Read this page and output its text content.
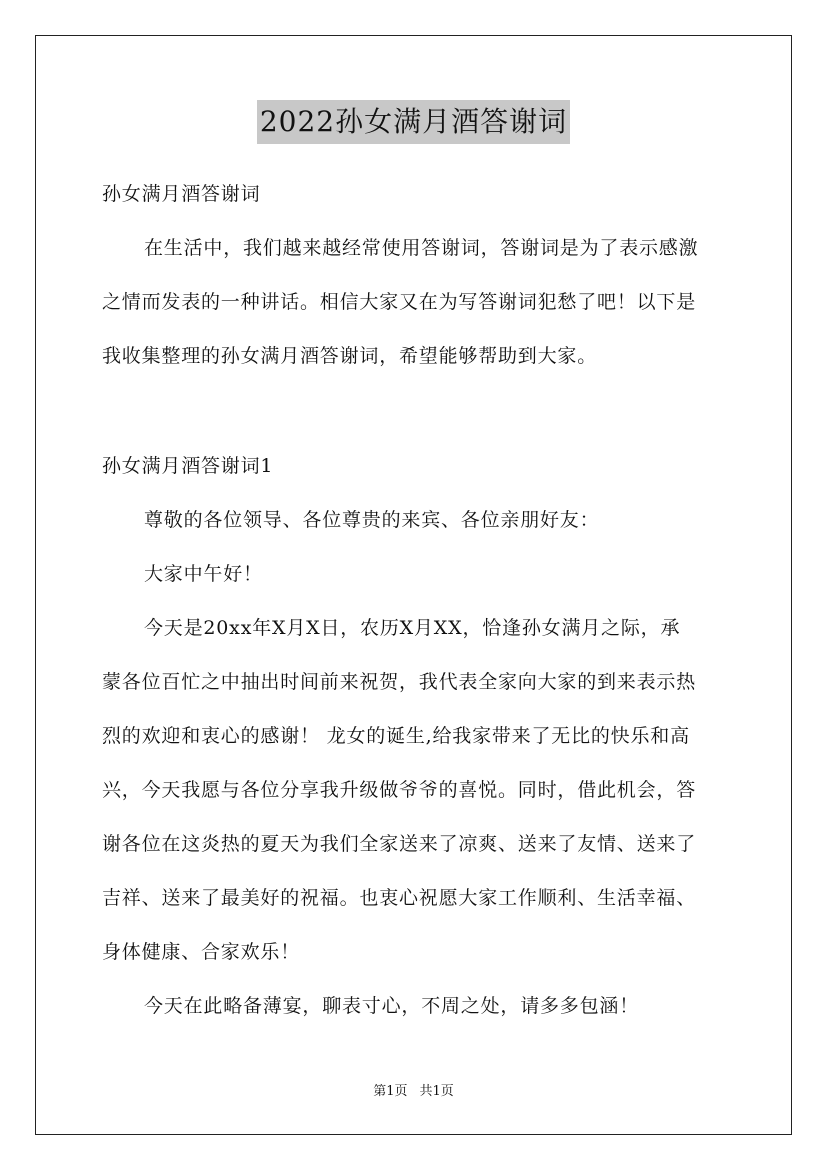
2022孙女满月酒答谢词
孙女满月酒答谢词
在生活中，我们越来越经常使用答谢词，答谢词是为了表示感激
之情而发表的一种讲话。相信大家又在为写答谢词犯愁了吧！以下是
我收集整理的孙女满月酒答谢词，希望能够帮助到大家。
孙女满月酒答谢词1
尊敬的各位领导、各位尊贵的来宾、各位亲朋好友：
大家中午好！
今天是20xx年X月X日，农历X月XX，恰逢孙女满月之际，承
蒙各位百忙之中抽出时间前来祝贺，我代表全家向大家的到来表示热
烈的欢迎和衷心的感谢！ 龙女的诞生,给我家带来了无比的快乐和高
兴，今天我愿与各位分享我升级做爷爷的喜悦。同时，借此机会，答
谢各位在这炎热的夏天为我们全家送来了凉爽、送来了友情、送来了
吉祥、送来了最美好的祝福。也衷心祝愿大家工作顺利、生活幸福、
身体健康、合家欢乐！
今天在此略备薄宴，聊表寸心，不周之处，请多多包涵！
第1页 共1页
